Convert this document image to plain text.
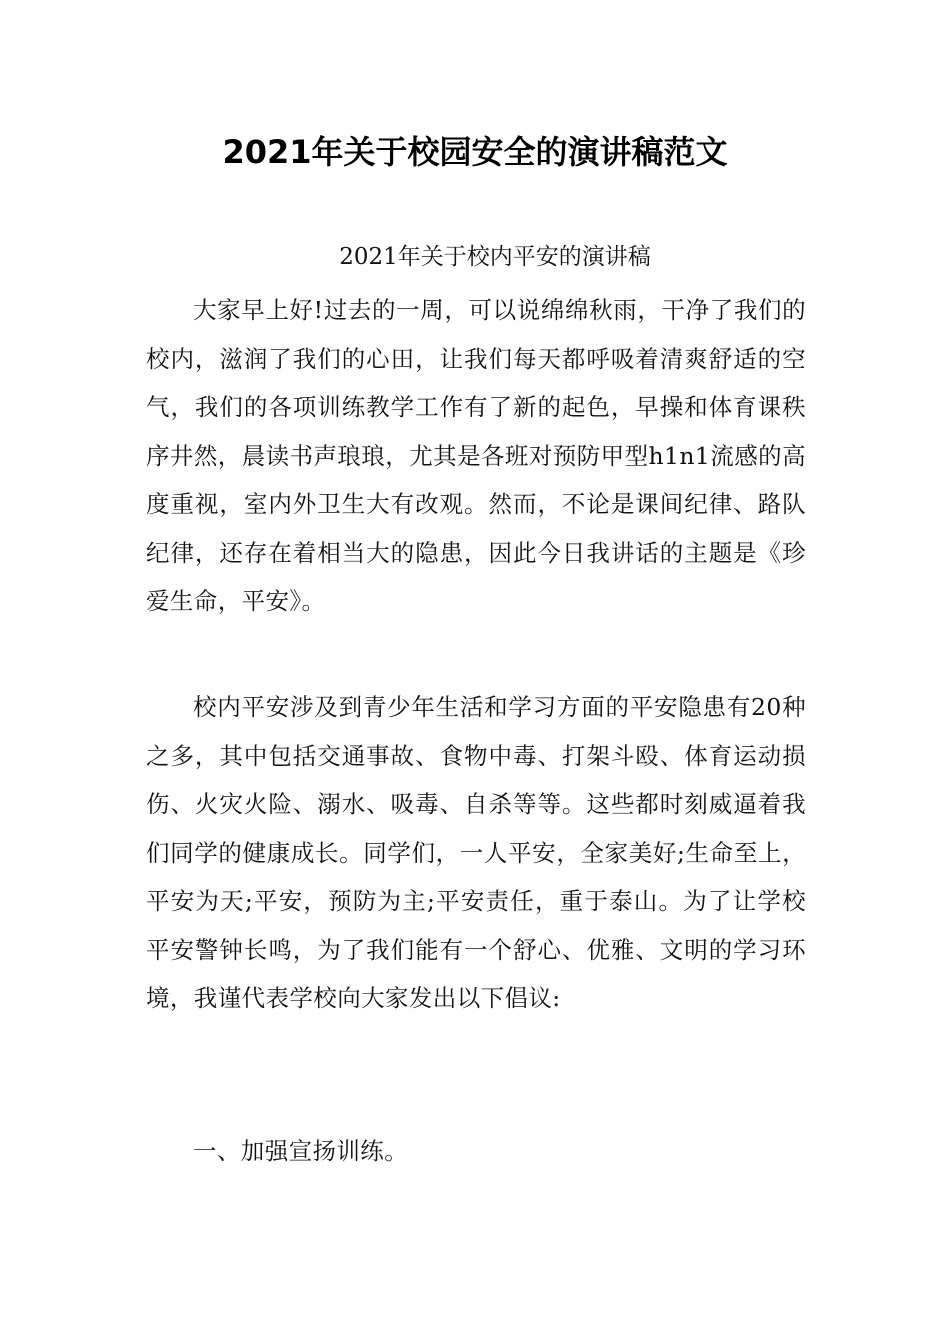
2021年关于校园安全的演讲稿范文

2021年关于校内平安的演讲稿

大家早上好!过去的一周，可以说绵绵秋雨，干净了我们的校内，滋润了我们的心田，让我们每天都呼吸着清爽舒适的空气，我们的各项训练教学工作有了新的起色，早操和体育课秩序井然，晨读书声琅琅，尤其是各班对预防甲型h1n1流感的高度重视，室内外卫生大有改观。然而，不论是课间纪律、路队纪律，还存在着相当大的隐患，因此今日我讲话的主题是《珍爱生命，平安》。

校内平安涉及到青少年生活和学习方面的平安隐患有20种之多，其中包括交通事故、食物中毒、打架斗殴、体育运动损伤、火灾火险、溺水、吸毒、自杀等等。这些都时刻威逼着我们同学的健康成长。同学们，一人平安，全家美好;生命至上，平安为天;平安，预防为主;平安责任，重于泰山。为了让学校平安警钟长鸣，为了我们能有一个舒心、优雅、文明的学习环境，我谨代表学校向大家发出以下倡议:

一、加强宣扬训练。
